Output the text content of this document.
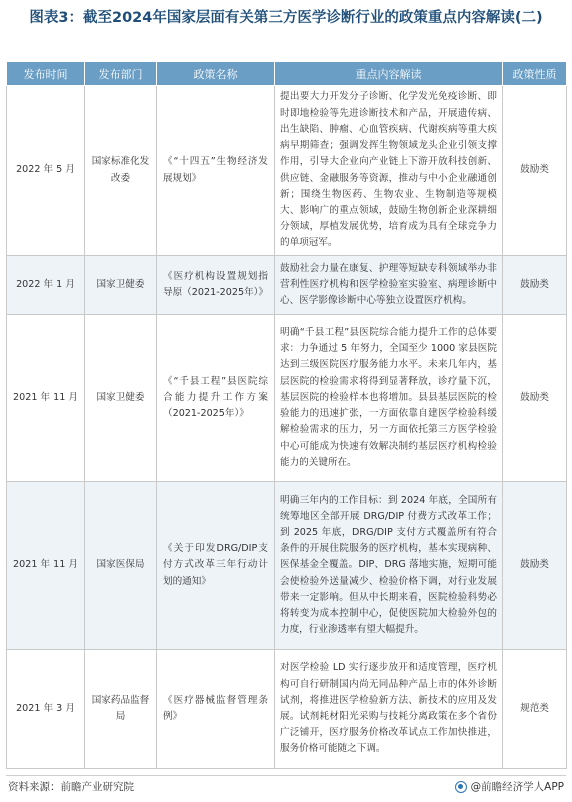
图表3：截至2024年国家层面有关第三方医学诊断行业的政策重点内容解读(二)
发布时间	发布部门	政策名称	重点内容解读	政策性质
2022 年 5 月	国家标准化发改委	《“十四五”生物经济发展规划》	提出要大力开发分子诊断、化学发光免疫诊断、即时即地检验等先进诊断技术和产品，开展遗传病、出生缺陷、肿瘤、心血管疾病、代谢疾病等重大疾病早期筛查；强调发挥生物领域龙头企业引领支撑作用，引导大企业向产业链上下游开放科技创新、供应链、金融服务等资源，推动与中小企业融通创新；围绕生物医药、生物农业、生物制造等规模大、影响广的重点领域，鼓励生物创新企业深耕细分领域，厚植发展优势，培育成为具有全球竞争力的单项冠军。	鼓励类
2022 年 1 月	国家卫健委	《医疗机构设置规划指导原（2021-2025年）》	鼓励社会力量在康复、护理等短缺专科领域举办非营利性医疗机构和医学检验室实验室、病理诊断中心、医学影像诊断中心等独立设置医疗机构。	鼓励类
2021 年 11 月	国家卫健委	《“千县工程”县医院综合能力提升工作方案（2021-2025年）》	明确“千县工程”县医院综合能力提升工作的总体要求：力争通过 5 年努力，全国至少 1000 家县医院达到三级医院医疗服务能力水平。未来几年内，基层医院的检验需求将得到显著释放，诊疗量下沉，基层医院的检验样本也将增加。县县基层医院的检验能力的迅速扩张，一方面依靠自建医学检验科缓解检验需求的压力，另一方面依托第三方医学检验中心可能成为快速有效解决制约基层医疗机构检验能力的关键所在。	鼓励类
2021 年 11 月	国家医保局	《关于印发DRG/DIP支付方式改革三年行动计划的通知》	明确三年内的工作目标：到 2024 年底，全国所有统筹地区全部开展 DRG/DIP 付费方式改革工作；到 2025 年底，DRG/DIP 支付方式覆盖所有符合条件的开展住院服务的医疗机构，基本实现病种、医保基金全覆盖。DIP、DRG 落地实施，短期可能会使检验外送量减少、检验价格下调，对行业发展带来一定影响。但从中长期来看，医院检验科势必将转变为成本控制中心，促使医院加大检验外包的力度，行业渗透率有望大幅提升。	鼓励类
2021 年 3 月	国家药品监督局	《医疗器械监督管理条例》	对医学检验 LD 实行逐步放开和适度管理，医疗机构可自行研制国内尚无同品种产品上市的体外诊断试剂，将推进医学检验新方法、新技术的应用及发展。试剂耗材阳光采购与技耗分离政策在多个省份广泛铺开，医疗服务价格改革试点工作加快推进，服务价格可能随之下调。	规范类
资料来源：前瞻产业研究院	@前瞻经济学人APP
